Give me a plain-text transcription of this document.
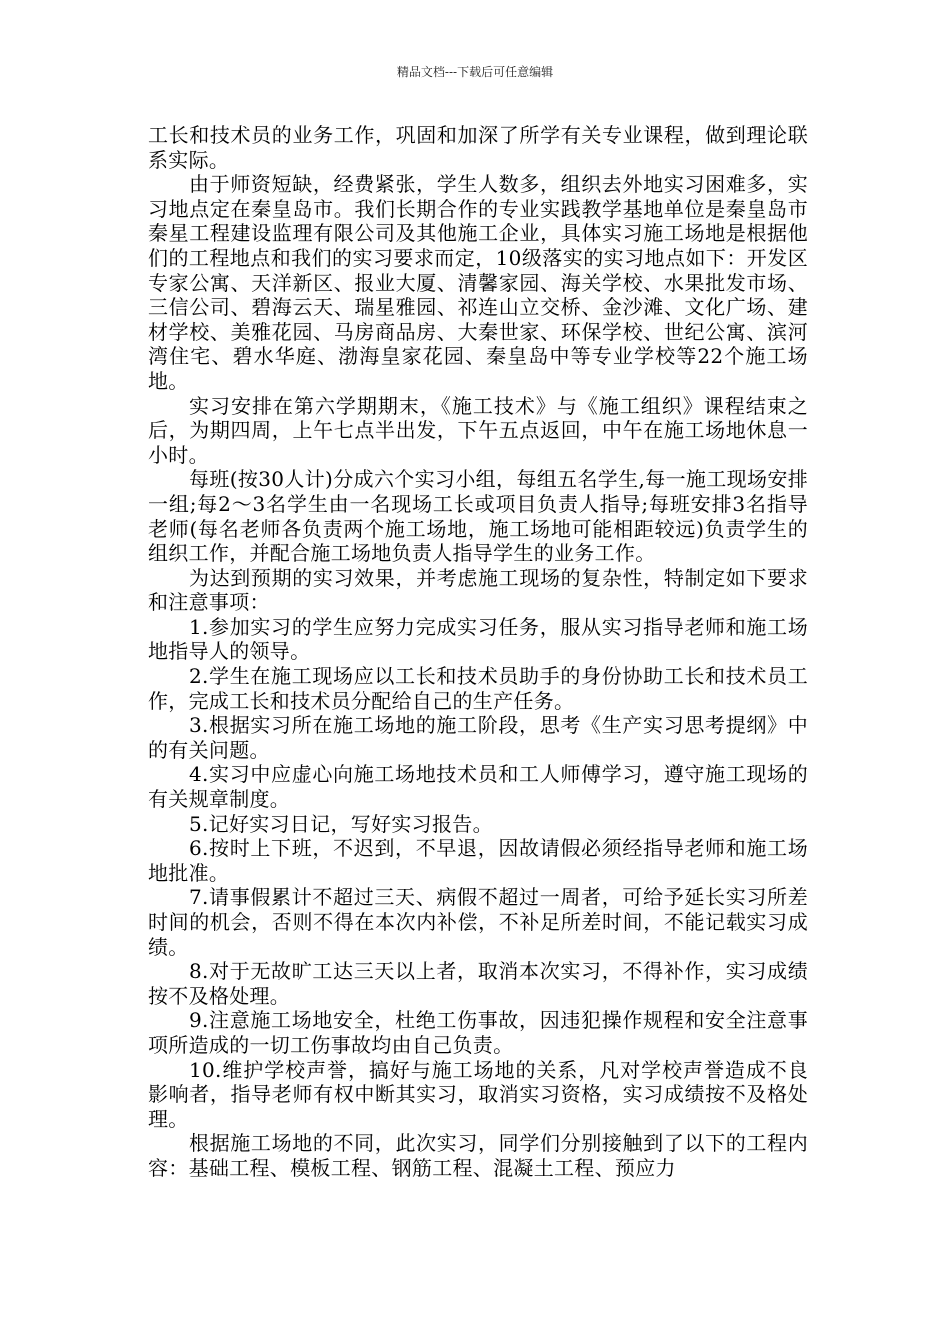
精品文档---下载后可任意编辑

工长和技术员的业务工作，巩固和加深了所学有关专业课程，做到理论联系实际。

由于师资短缺，经费紧张，学生人数多，组织去外地实习困难多，实习地点定在秦皇岛市。我们长期合作的专业实践教学基地单位是秦皇岛市秦星工程建设监理有限公司及其他施工企业，具体实习施工场地是根据他们的工程地点和我们的实习要求而定，10级落实的实习地点如下：开发区专家公寓、天洋新区、报业大厦、清馨家园、海关学校、水果批发市场、三信公司、碧海云天、瑞星雅园、祁连山立交桥、金沙滩、文化广场、建材学校、美雅花园、马房商品房、大秦世家、环保学校、世纪公寓、滨河湾住宅、碧水华庭、渤海皇家花园、秦皇岛中等专业学校等22个施工场地。

实习安排在第六学期期末，《施工技术》与《施工组织》课程结束之后，为期四周，上午七点半出发，下午五点返回，中午在施工场地休息一小时。

每班(按30人计)分成六个实习小组，每组五名学生,每一施工现场安排一组;每2～3名学生由一名现场工长或项目负责人指导;每班安排3名指导老师(每名老师各负责两个施工场地，施工场地可能相距较远)负责学生的组织工作，并配合施工场地负责人指导学生的业务工作。

为达到预期的实习效果，并考虑施工现场的复杂性，特制定如下要求和注意事项：

1.参加实习的学生应努力完成实习任务，服从实习指导老师和施工场地指导人的领导。

2.学生在施工现场应以工长和技术员助手的身份协助工长和技术员工作，完成工长和技术员分配给自己的生产任务。

3.根据实习所在施工场地的施工阶段，思考《生产实习思考提纲》中的有关问题。

4.实习中应虚心向施工场地技术员和工人师傅学习，遵守施工现场的有关规章制度。

5.记好实习日记，写好实习报告。

6.按时上下班，不迟到，不早退，因故请假必须经指导老师和施工场地批准。

7.请事假累计不超过三天、病假不超过一周者，可给予延长实习所差时间的机会，否则不得在本次内补偿，不补足所差时间，不能记载实习成绩。

8.对于无故旷工达三天以上者，取消本次实习，不得补作，实习成绩按不及格处理。

9.注意施工场地安全，杜绝工伤事故，因违犯操作规程和安全注意事项所造成的一切工伤事故均由自己负责。

10.维护学校声誉，搞好与施工场地的关系，凡对学校声誉造成不良影响者，指导老师有权中断其实习，取消实习资格，实习成绩按不及格处理。

根据施工场地的不同，此次实习，同学们分别接触到了以下的工程内容：基础工程、模板工程、钢筋工程、混凝土工程、预应力
